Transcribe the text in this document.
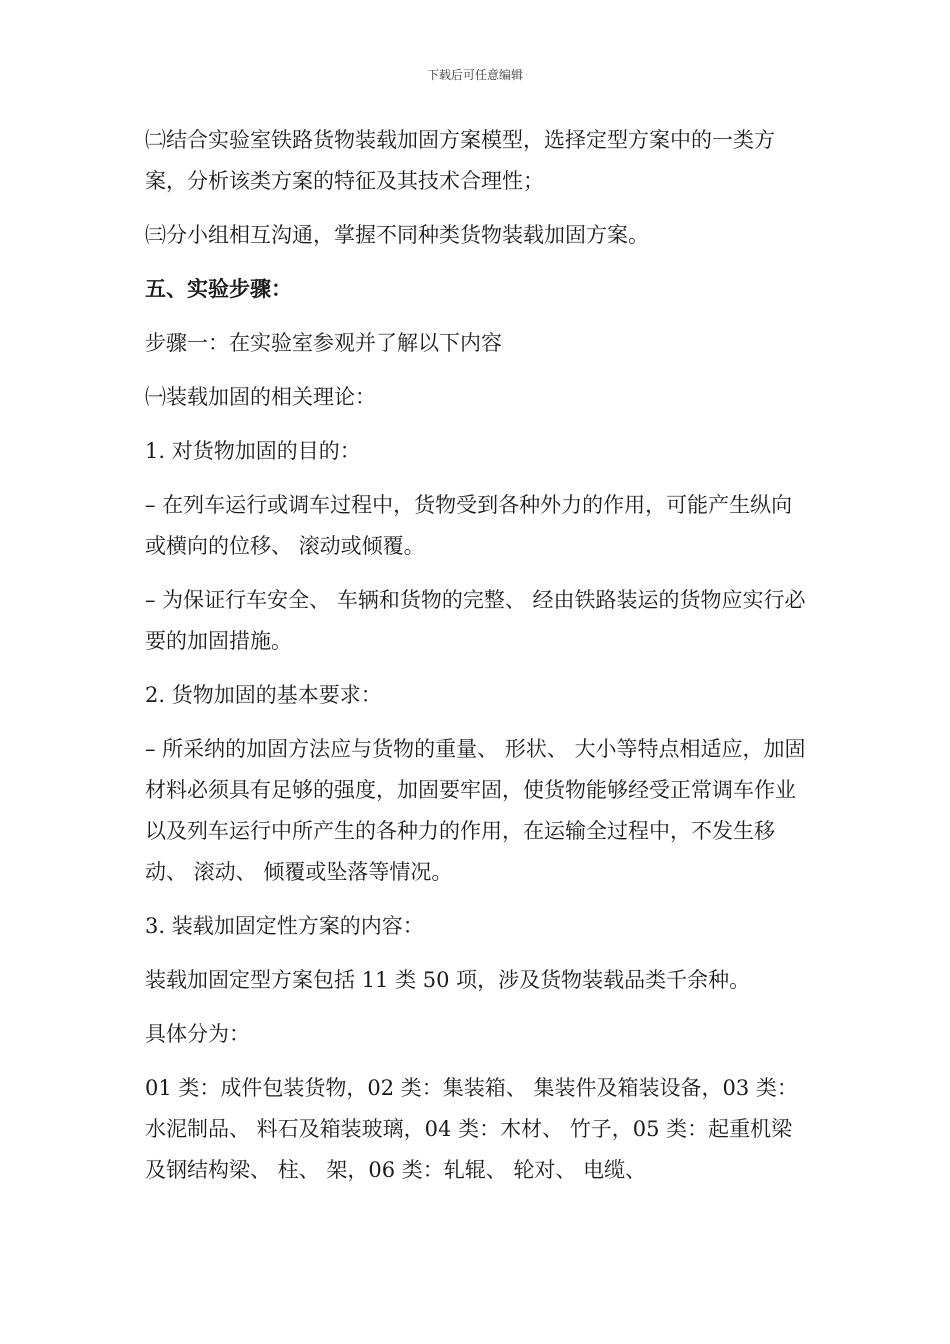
下载后可任意编辑

㈡结合实验室铁路货物装载加固方案模型，选择定型方案中的一类方案，分析该类方案的特征及其技术合理性；

㈢分小组相互沟通，掌握不同种类货物装载加固方案。

五、实验步骤：

步骤一：在实验室参观并了解以下内容

㈠装载加固的相关理论：

1. 对货物加固的目的：

– 在列车运行或调车过程中，货物受到各种外力的作用，可能产生纵向或横向的位移、 滚动或倾覆。

– 为保证行车安全、 车辆和货物的完整、 经由铁路装运的货物应实行必要的加固措施。

2. 货物加固的基本要求：

– 所采纳的加固方法应与货物的重量、 形状、 大小等特点相适应，加固材料必须具有足够的强度，加固要牢固，使货物能够经受正常调车作业以及列车运行中所产生的各种力的作用，在运输全过程中，不发生移动、 滚动、 倾覆或坠落等情况。

3. 装载加固定性方案的内容：

装载加固定型方案包括 11 类 50 项，涉及货物装载品类千余种。

具体分为：

01 类：成件包装货物，02 类：集装箱、 集装件及箱装设备，03 类：水泥制品、 料石及箱装玻璃，04 类：木材、 竹子，05 类：起重机梁及钢结构梁、 柱、 架，06 类：轧辊、 轮对、 电缆、
